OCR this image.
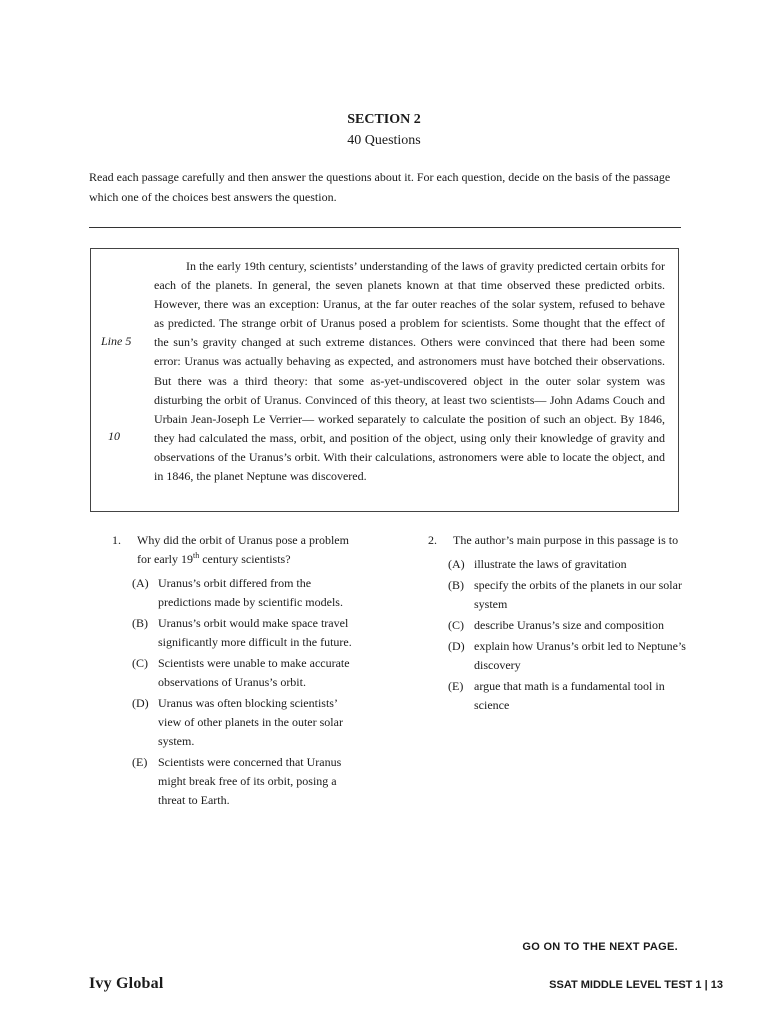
SECTION 2
40 Questions
Read each passage carefully and then answer the questions about it. For each question, decide on the basis of the passage which one of the choices best answers the question.
Line 5
10
In the early 19th century, scientists’ understanding of the laws of gravity predicted certain orbits for each of the planets. In general, the seven planets known at that time observed these predicted orbits. However, there was an exception: Uranus, at the far outer reaches of the solar system, refused to behave as predicted. The strange orbit of Uranus posed a problem for scientists. Some thought that the effect of the sun’s gravity changed at such extreme distances. Others were convinced that there had been some error: Uranus was actually behaving as expected, and astronomers must have botched their observations. But there was a third theory: that some as-yet-undiscovered object in the outer solar system was disturbing the orbit of Uranus. Convinced of this theory, at least two scientists— John Adams Couch and Urbain Jean-Joseph Le Verrier— worked separately to calculate the position of such an object. By 1846, they had calculated the mass, orbit, and position of the object, using only their knowledge of gravity and observations of the Uranus’s orbit. With their calculations, astronomers were able to locate the object, and in 1846, the planet Neptune was discovered.
1.	Why did the orbit of Uranus pose a problem for early 19th century scientists?
(A) Uranus’s orbit differed from the predictions made by scientific models.
(B) Uranus’s orbit would make space travel significantly more difficult in the future.
(C) Scientists were unable to make accurate observations of Uranus’s orbit.
(D) Uranus was often blocking scientists’ view of other planets in the outer solar system.
(E) Scientists were concerned that Uranus might break free of its orbit, posing a threat to Earth.
2.	The author’s main purpose in this passage is to
(A) illustrate the laws of gravitation
(B) specify the orbits of the planets in our solar system
(C) describe Uranus’s size and composition
(D) explain how Uranus’s orbit led to Neptune’s discovery
(E) argue that math is a fundamental tool in science
GO ON TO THE NEXT PAGE.
Ivy Global	SSAT MIDDLE LEVEL TEST 1 | 13
